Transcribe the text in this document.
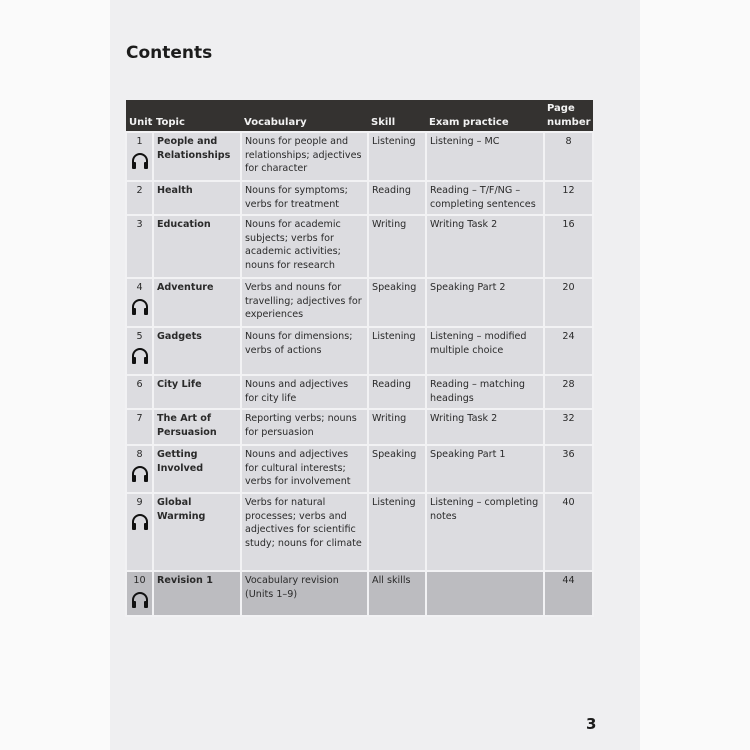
Contents
Unit	Topic	Vocabulary	Skill	Exam practice	Page number
1	People and Relationships	Nouns for people and relationships; adjectives for character	Listening	Listening – MC	8
2	Health	Nouns for symptoms; verbs for treatment	Reading	Reading – T/F/NG – completing sentences	12
3	Education	Nouns for academic subjects; verbs for academic activities; nouns for research	Writing	Writing Task 2	16
4	Adventure	Verbs and nouns for travelling; adjectives for experiences	Speaking	Speaking Part 2	20
5	Gadgets	Nouns for dimensions; verbs of actions	Listening	Listening – modified multiple choice	24
6	City Life	Nouns and adjectives for city life	Reading	Reading – matching headings	28
7	The Art of Persuasion	Reporting verbs; nouns for persuasion	Writing	Writing Task 2	32
8	Getting Involved	Nouns and adjectives for cultural interests; verbs for involvement	Speaking	Speaking Part 1	36
9	Global Warming	Verbs for natural processes; verbs and adjectives for scientific study; nouns for climate	Listening	Listening – completing notes	40
10	Revision 1	Vocabulary revision (Units 1–9)	All skills		44
3
